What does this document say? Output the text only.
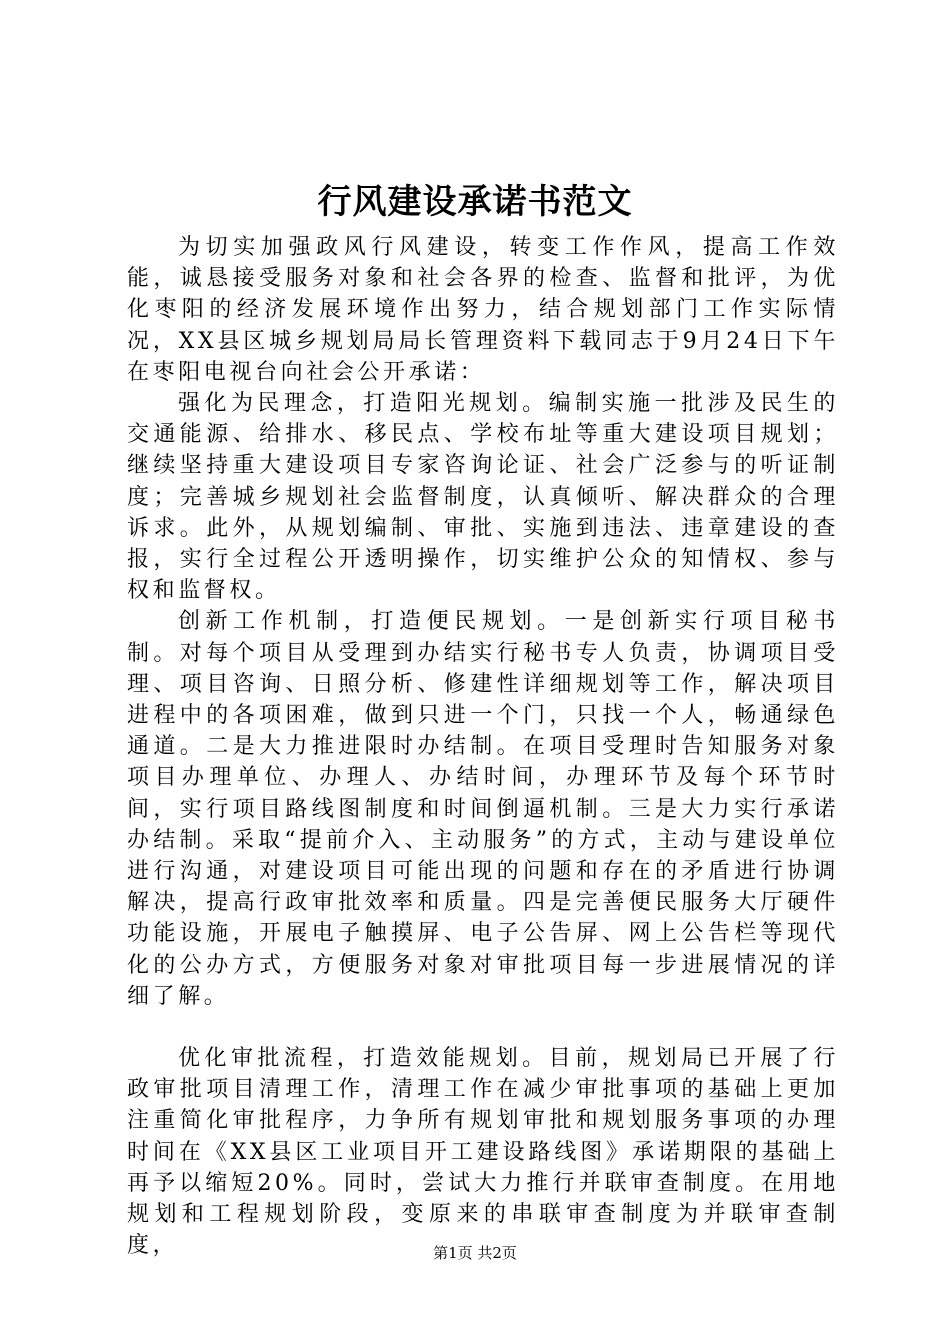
行风建设承诺书范文

为切实加强政风行风建设，转变工作作风，提高工作效能，诚恳接受服务对象和社会各界的检查、监督和批评，为优化枣阳的经济发展环境作出努力，结合规划部门工作实际情况，XX县区城乡规划局局长管理资料下载同志于9月24日下午在枣阳电视台向社会公开承诺：

强化为民理念，打造阳光规划。编制实施一批涉及民生的交通能源、给排水、移民点、学校布址等重大建设项目规划；继续坚持重大建设项目专家咨询论证、社会广泛参与的听证制度；完善城乡规划社会监督制度，认真倾听、解决群众的合理诉求。此外，从规划编制、审批、实施到违法、违章建设的查报，实行全过程公开透明操作，切实维护公众的知情权、参与权和监督权。

创新工作机制，打造便民规划。一是创新实行项目秘书制。对每个项目从受理到办结实行秘书专人负责，协调项目受理、项目咨询、日照分析、修建性详细规划等工作，解决项目进程中的各项困难，做到只进一个门，只找一个人，畅通绿色通道。二是大力推进限时办结制。在项目受理时告知服务对象项目办理单位、办理人、办结时间，办理环节及每个环节时间，实行项目路线图制度和时间倒逼机制。三是大力实行承诺办结制。采取“提前介入、主动服务”的方式，主动与建设单位进行沟通，对建设项目可能出现的问题和存在的矛盾进行协调解决，提高行政审批效率和质量。四是完善便民服务大厅硬件功能设施，开展电子触摸屏、电子公告屏、网上公告栏等现代化的公办方式，方便服务对象对审批项目每一步进展情况的详细了解。

优化审批流程，打造效能规划。目前，规划局已开展了行政审批项目清理工作，清理工作在减少审批事项的基础上更加注重简化审批程序，力争所有规划审批和规划服务事项的办理时间在《XX县区工业项目开工建设路线图》承诺期限的基础上再予以缩短20%。同时，尝试大力推行并联审查制度。在用地规划和工程规划阶段，变原来的串联审查制度为并联审查制度，	第1页 共2页
